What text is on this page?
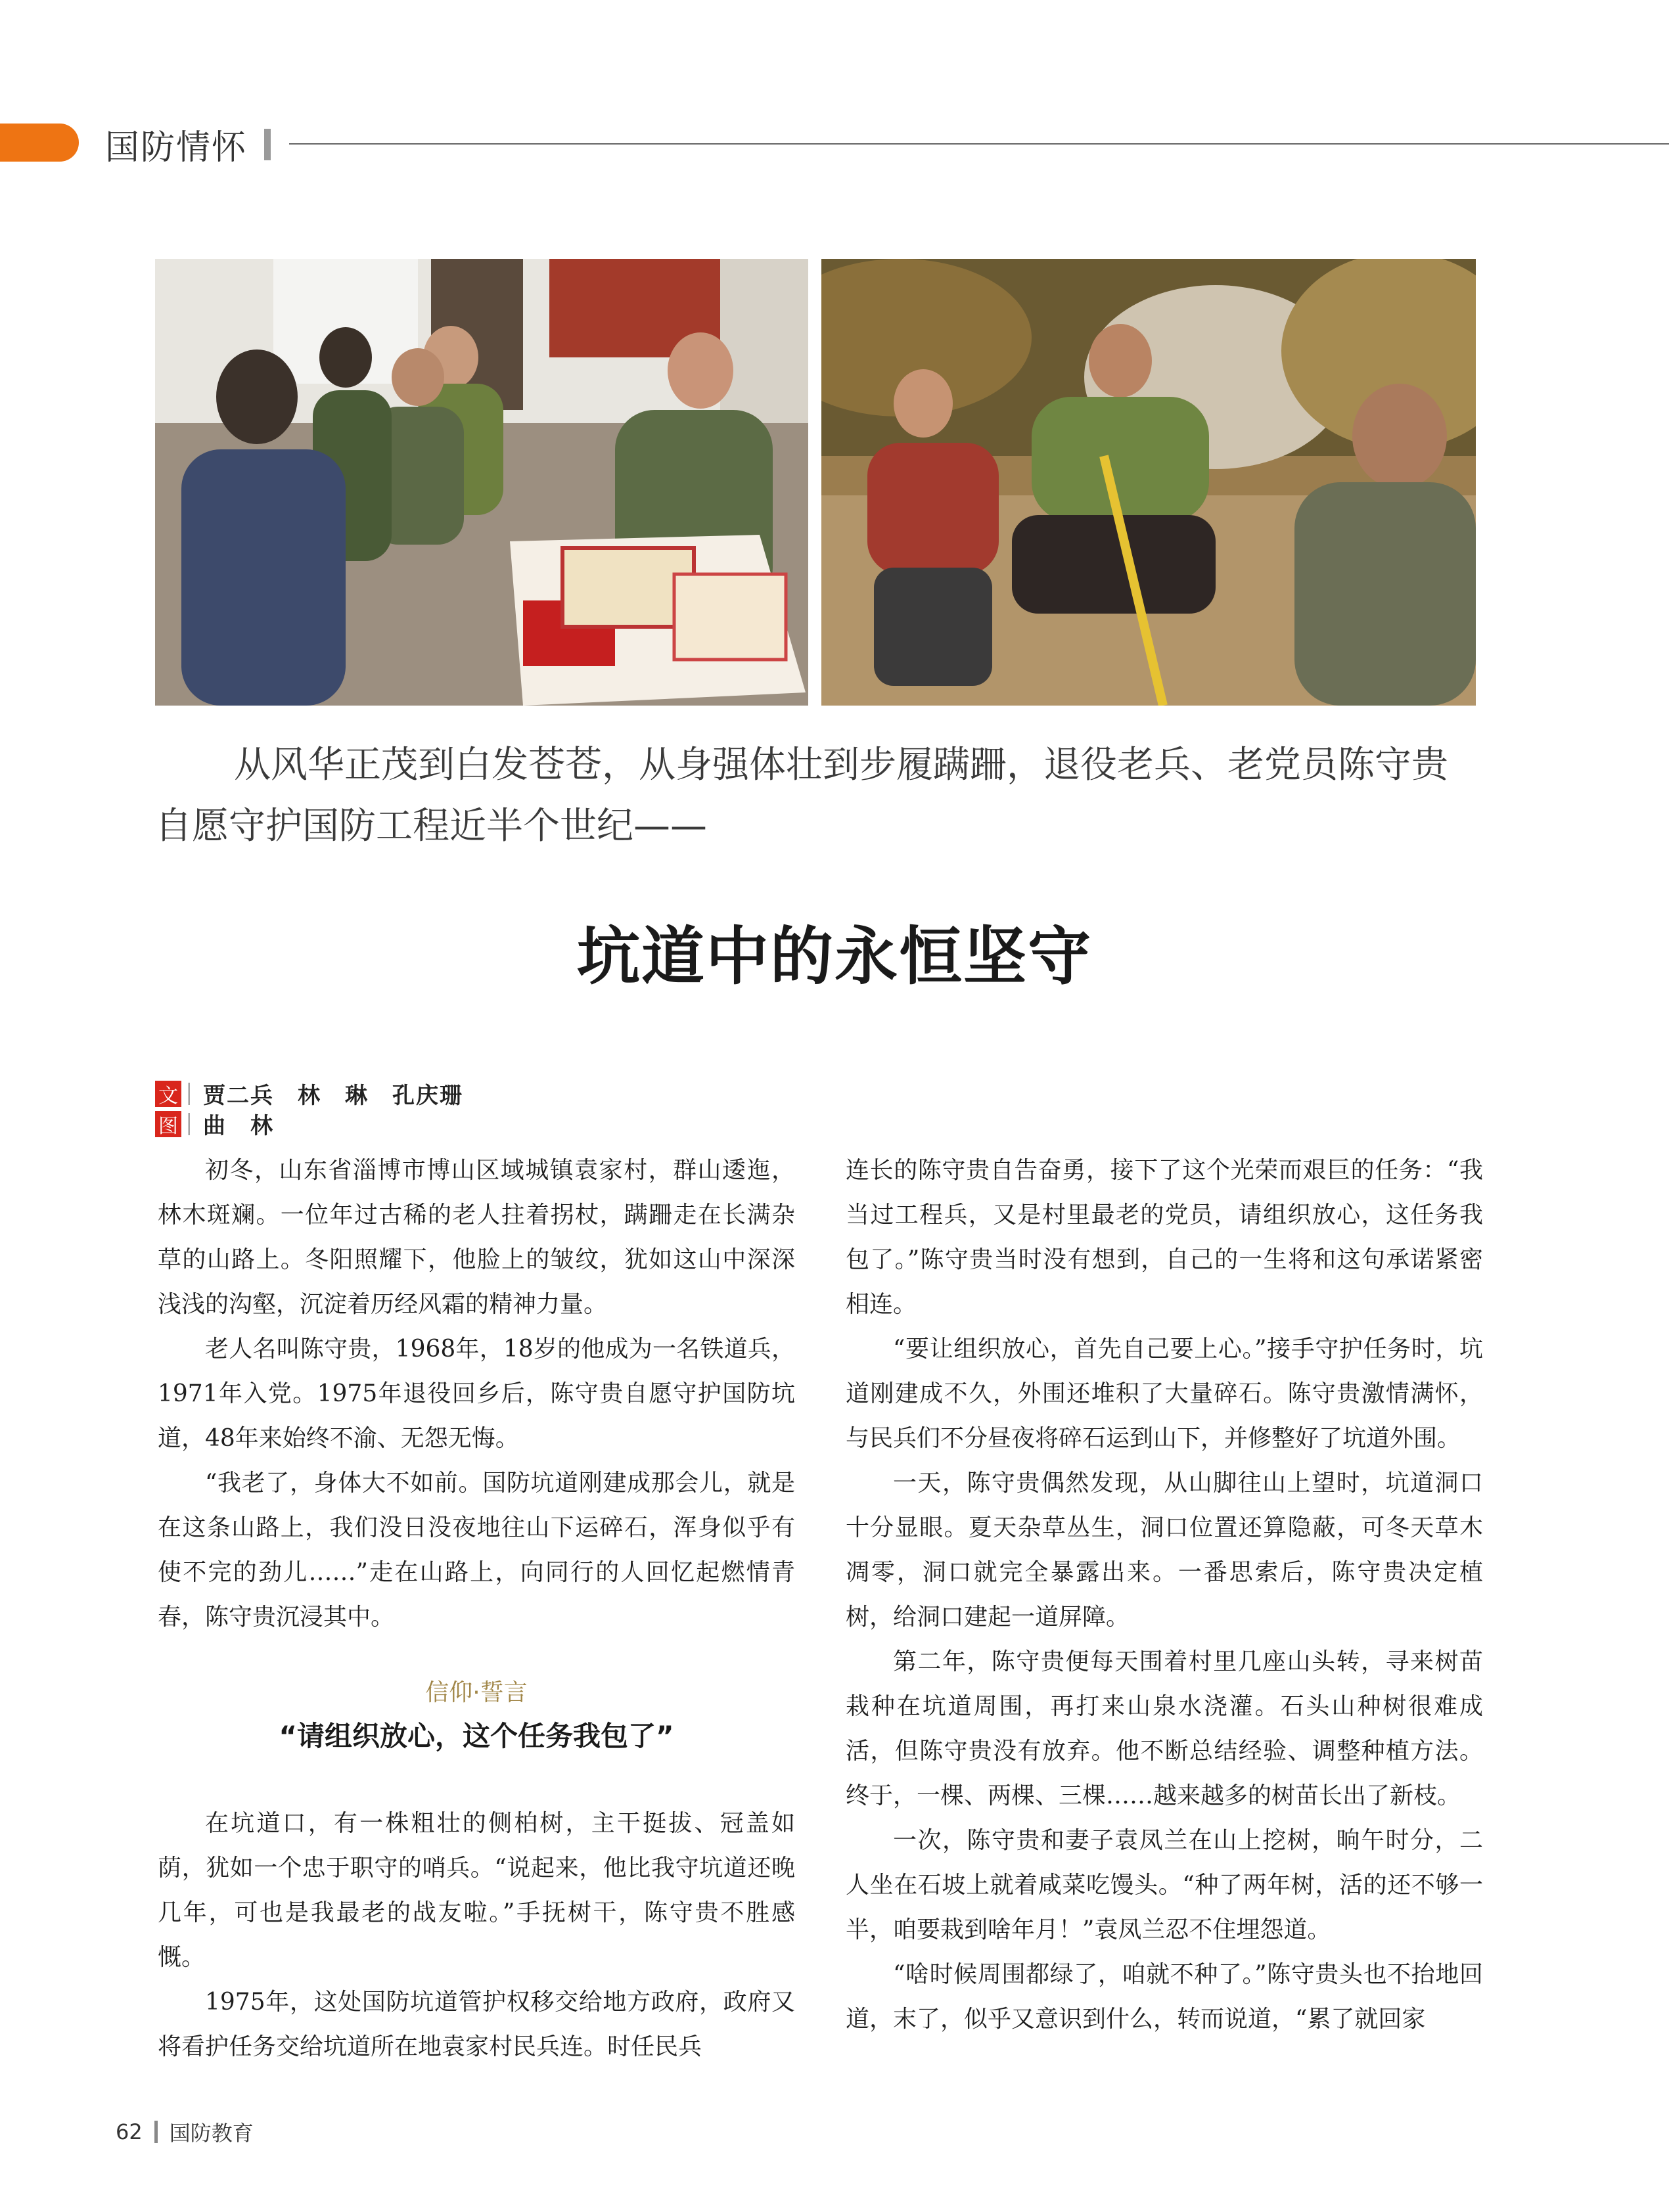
国防情怀

从风华正茂到白发苍苍，从身强体壮到步履蹒跚，退役老兵、老党员陈守贵自愿守护国防工程近半个世纪——

坑道中的永恒坚守
文 贾二兵　林　琳　孔庆珊
图 曲　林

初冬，山东省淄博市博山区域城镇袁家村，群山逶迤，林木斑斓。一位年过古稀的老人拄着拐杖，蹒跚走在长满杂草的山路上。冬阳照耀下，他脸上的皱纹，犹如这山中深深浅浅的沟壑，沉淀着历经风霜的精神力量。

老人名叫陈守贵，1968年，18岁的他成为一名铁道兵，1971年入党。1975年退役回乡后，陈守贵自愿守护国防坑道，48年来始终不渝、无怨无悔。

“我老了，身体大不如前。国防坑道刚建成那会儿，就是在这条山路上，我们没日没夜地往山下运碎石，浑身似乎有使不完的劲儿……”走在山路上，向同行的人回忆起燃情青春，陈守贵沉浸其中。

信仰·誓言

“请组织放心，这个任务我包了”

在坑道口，有一株粗壮的侧柏树，主干挺拔、冠盖如荫，犹如一个忠于职守的哨兵。“说起来，他比我守坑道还晚几年，可也是我最老的战友啦。”手抚树干，陈守贵不胜感慨。

1975年，这处国防坑道管护权移交给地方政府，政府又将看护任务交给坑道所在地袁家村民兵连。时任民兵

连长的陈守贵自告奋勇，接下了这个光荣而艰巨的任务：“我当过工程兵，又是村里最老的党员，请组织放心，这任务我包了。”陈守贵当时没有想到，自己的一生将和这句承诺紧密相连。

“要让组织放心，首先自己要上心。”接手守护任务时，坑道刚建成不久，外围还堆积了大量碎石。陈守贵激情满怀，与民兵们不分昼夜将碎石运到山下，并修整好了坑道外围。

一天，陈守贵偶然发现，从山脚往山上望时，坑道洞口十分显眼。夏天杂草丛生，洞口位置还算隐蔽，可冬天草木凋零，洞口就完全暴露出来。一番思索后，陈守贵决定植树，给洞口建起一道屏障。

第二年，陈守贵便每天围着村里几座山头转，寻来树苗栽种在坑道周围，再打来山泉水浇灌。石头山种树很难成活，但陈守贵没有放弃。他不断总结经验、调整种植方法。终于，一棵、两棵、三棵……越来越多的树苗长出了新枝。

一次，陈守贵和妻子袁凤兰在山上挖树，晌午时分，二人坐在石坡上就着咸菜吃馒头。“种了两年树，活的还不够一半，咱要栽到啥年月！”袁凤兰忍不住埋怨道。

“啥时候周围都绿了，咱就不种了。”陈守贵头也不抬地回道，末了，似乎又意识到什么，转而说道，“累了就回家

62 国防教育
